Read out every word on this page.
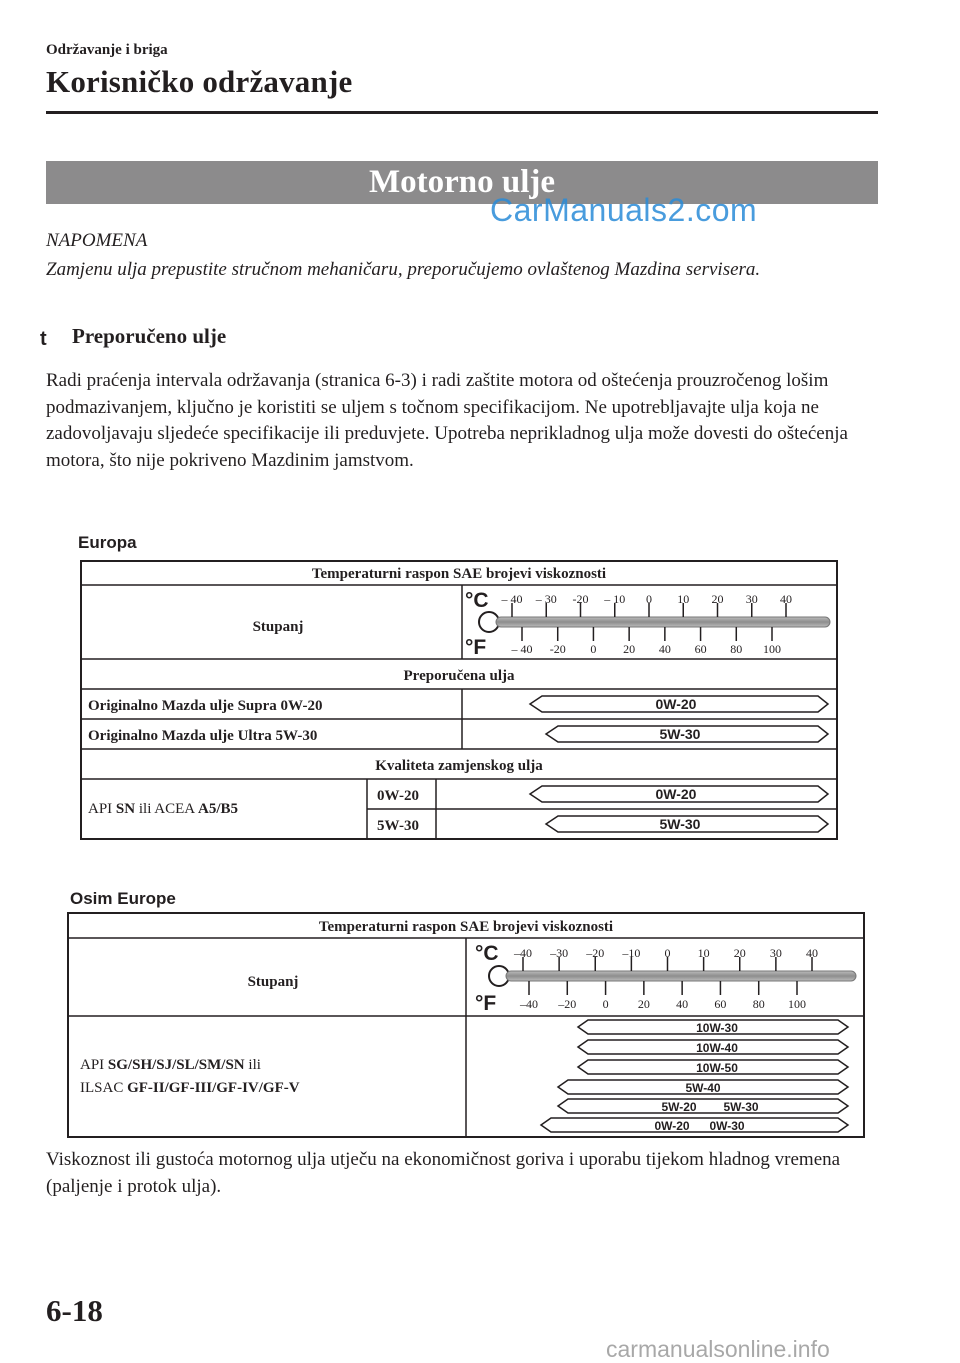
Održavanje i briga
Korisničko održavanje
Motorno ulje
CarManuals2.com
NAPOMENA
Zamjenu ulja prepustite stručnom mehaničaru, preporučujemo ovlaštenog Mazdina servisera.
t Preporučeno ulje
Radi praćenja intervala održavanja (stranica 6-3) i radi zaštite motora od oštećenja prouzročenog lošim podmazivanjem, ključno je koristiti se uljem s točnom specifikacijom. Ne upotrebljavajte ulja koja ne zadovoljavaju sljedeće specifikacije ili preduvjete. Upotreba neprikladnog ulja može dovesti do oštećenja motora, što nije pokriveno Mazdinim jamstvom.
Europa
Temperaturni raspon SAE brojevi viskoznosti
Stupanj
°C
°F
– 40 – 30 -20 – 10 0 10 20 30 40
– 40 -20 0 20 40 60 80 100
Preporučena ulja
Originalno Mazda ulje Supra 0W-20
Originalno Mazda ulje Ultra 5W-30
Kvaliteta zamjenskog ulja
API SN ili ACEA A5/B5
0W-20
5W-30
0W-20
5W-30
0W-20
5W-30
Temperaturni raspon SAE brojevi viskoznosti
Stupanj
°C
°F
–40 –30 –20 –10 0 10 20 30 40
–40 –20 0 20 40 60 80 100
API SG/SH/SJ/SL/SM/SN ili
ILSAC GF-II/GF-III/GF-IV/GF-V
10W-30
10W-40
10W-50
5W-40
5W-20 5W-30
0W-20 0W-30
Osim Europe
Viskoznost ili gustoća motornog ulja utječu na ekonomičnost goriva i uporabu tijekom hladnog vremena (paljenje i protok ulja).
6-18
carmanualsonline.info
